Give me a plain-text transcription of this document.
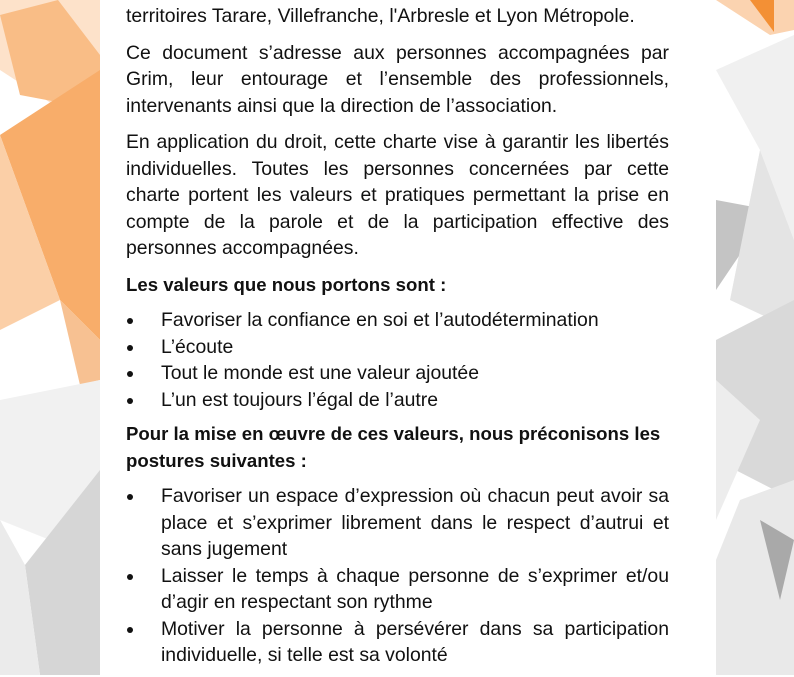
territoires Tarare, Villefranche, l'Arbresle et Lyon Métropole.

Ce document s’adresse aux personnes accompagnées par Grim, leur entourage et l’ensemble des professionnels, intervenants ainsi que la direction de l’association.

En application du droit, cette charte vise à garantir les libertés individuelles. Toutes les personnes concernées par cette charte portent les valeurs et pratiques permettant la prise en compte de la parole et de la participation effective des personnes accompagnées.

Les valeurs que nous portons sont :

Favoriser la confiance en soi et l’autodétermination
L’écoute
Tout le monde est une valeur ajoutée
L’un est toujours l’égal de l’autre

Pour la mise en œuvre de ces valeurs, nous préconisons les postures suivantes :

Favoriser un espace d’expression où chacun peut avoir sa place et s’exprimer librement dans le respect d’autrui et sans jugement
Laisser le temps à chaque personne de s’exprimer et/ou d’agir en respectant son rythme
Motiver la personne à persévérer dans sa participation individuelle, si telle est sa volonté
